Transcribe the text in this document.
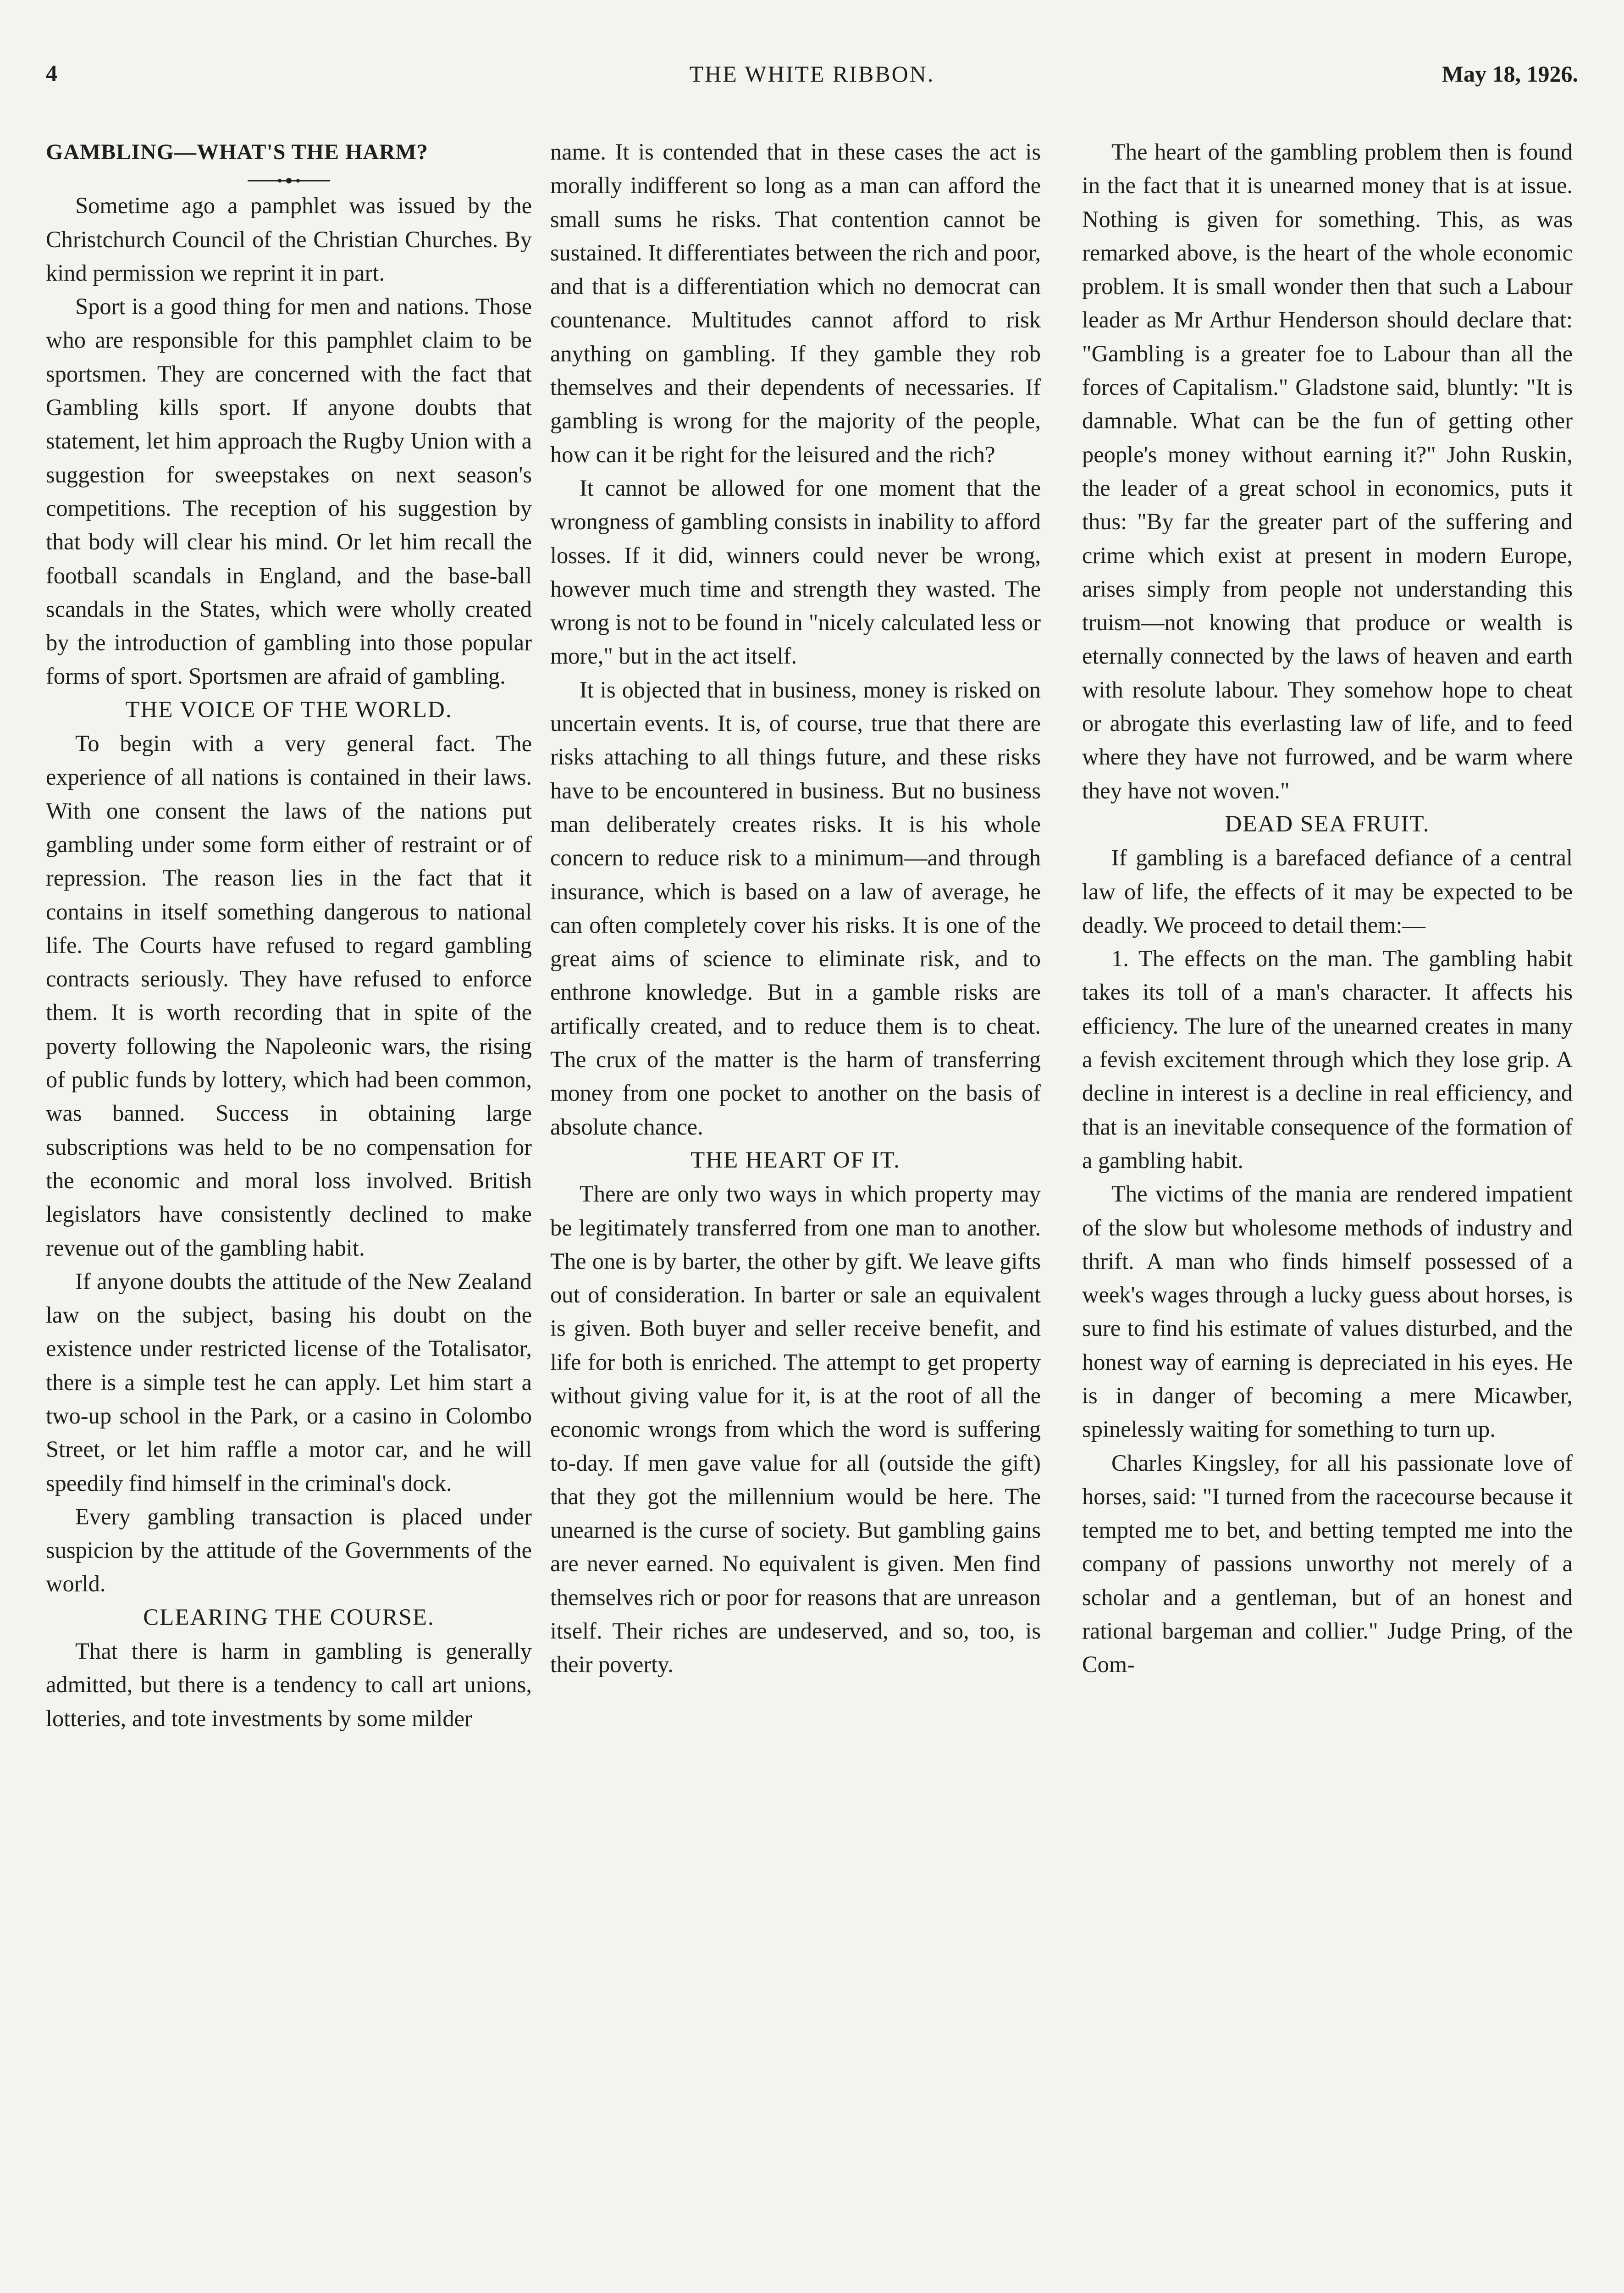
4	THE WHITE RIBBON.	May 18, 1926.
GAMBLING—WHAT'S THE HARM?

Sometime ago a pamphlet was issued by the Christchurch Council of the Christian Churches. By kind permission we reprint it in part.

Sport is a good thing for men and nations. Those who are responsible for this pamphlet claim to be sportsmen. They are concerned with the fact that Gambling kills sport. If anyone doubts that statement, let him approach the Rugby Union with a suggestion for sweepstakes on next season's competitions. The reception of his suggestion by that body will clear his mind. Or let him recall the football scandals in England, and the base-ball scandals in the States, which were wholly created by the introduction of gambling into those popular forms of sport. Sportsmen are afraid of gambling.

THE VOICE OF THE WORLD.

To begin with a very general fact. The experience of all nations is contained in their laws. With one consent the laws of the nations put gambling under some form either of restraint or of repression. The reason lies in the fact that it contains in itself something dangerous to national life. The Courts have refused to regard gambling contracts seriously. They have refused to enforce them. It is worth recording that in spite of the poverty following the Napoleonic wars, the rising of public funds by lottery, which had been common, was banned. Success in obtaining large subscriptions was held to be no compensation for the economic and moral loss involved. British legislators have consistently declined to make revenue out of the gambling habit.

If anyone doubts the attitude of the New Zealand law on the subject, basing his doubt on the existence under restricted license of the Totalisator, there is a simple test he can apply. Let him start a two-up school in the Park, or a casino in Colombo Street, or let him raffle a motor car, and he will speedily find himself in the criminal's dock.

Every gambling transaction is placed under suspicion by the attitude of the Governments of the world.

CLEARING THE COURSE.

That there is harm in gambling is generally admitted, but there is a tendency to call art unions, lotteries, and tote investments by some milder

name. It is contended that in these cases the act is morally indifferent so long as a man can afford the small sums he risks. That contention cannot be sustained. It differentiates between the rich and poor, and that is a differentiation which no democrat can countenance. Multitudes cannot afford to risk anything on gambling. If they gamble they rob themselves and their dependents of necessaries. If gambling is wrong for the majority of the people, how can it be right for the leisured and the rich?

It cannot be allowed for one moment that the wrongness of gambling consists in inability to afford losses. If it did, winners could never be wrong, however much time and strength they wasted. The wrong is not to be found in "nicely calculated less or more," but in the act itself.

It is objected that in business, money is risked on uncertain events. It is, of course, true that there are risks attaching to all things future, and these risks have to be encountered in business. But no business man deliberately creates risks. It is his whole concern to reduce risk to a minimum—and through insurance, which is based on a law of average, he can often completely cover his risks. It is one of the great aims of science to eliminate risk, and to enthrone knowledge. But in a gamble risks are artifically created, and to reduce them is to cheat. The crux of the matter is the harm of transferring money from one pocket to another on the basis of absolute chance.

THE HEART OF IT.

There are only two ways in which property may be legitimately transferred from one man to another. The one is by barter, the other by gift. We leave gifts out of consideration. In barter or sale an equivalent is given. Both buyer and seller receive benefit, and life for both is enriched. The attempt to get property without giving value for it, is at the root of all the economic wrongs from which the word is suffering to-day. If men gave value for all (outside the gift) that they got the millennium would be here. The unearned is the curse of society. But gambling gains are never earned. No equivalent is given. Men find themselves rich or poor for reasons that are unreason itself. Their riches are undeserved, and so, too, is their poverty.

The heart of the gambling problem then is found in the fact that it is unearned money that is at issue. Nothing is given for something. This, as was remarked above, is the heart of the whole economic problem. It is small wonder then that such a Labour leader as Mr Arthur Henderson should declare that: "Gambling is a greater foe to Labour than all the forces of Capitalism." Gladstone said, bluntly: "It is damnable. What can be the fun of getting other people's money without earning it?" John Ruskin, the leader of a great school in economics, puts it thus: "By far the greater part of the suffering and crime which exist at present in modern Europe, arises simply from people not understanding this truism—not knowing that produce or wealth is eternally connected by the laws of heaven and earth with resolute labour. They somehow hope to cheat or abrogate this everlasting law of life, and to feed where they have not furrowed, and be warm where they have not woven."

DEAD SEA FRUIT.

If gambling is a barefaced defiance of a central law of life, the effects of it may be expected to be deadly. We proceed to detail them:—

1. The effects on the man. The gambling habit takes its toll of a man's character. It affects his efficiency. The lure of the unearned creates in many a fevish excitement through which they lose grip. A decline in interest is a decline in real efficiency, and that is an inevitable consequence of the formation of a gambling habit.

The victims of the mania are rendered impatient of the slow but wholesome methods of industry and thrift. A man who finds himself possessed of a week's wages through a lucky guess about horses, is sure to find his estimate of values disturbed, and the honest way of earning is depreciated in his eyes. He is in danger of becoming a mere Micawber, spinelessly waiting for something to turn up.

Charles Kingsley, for all his passionate love of horses, said: "I turned from the racecourse because it tempted me to bet, and betting tempted me into the company of passions unworthy not merely of a scholar and a gentleman, but of an honest and rational bargeman and collier." Judge Pring, of the Com-
